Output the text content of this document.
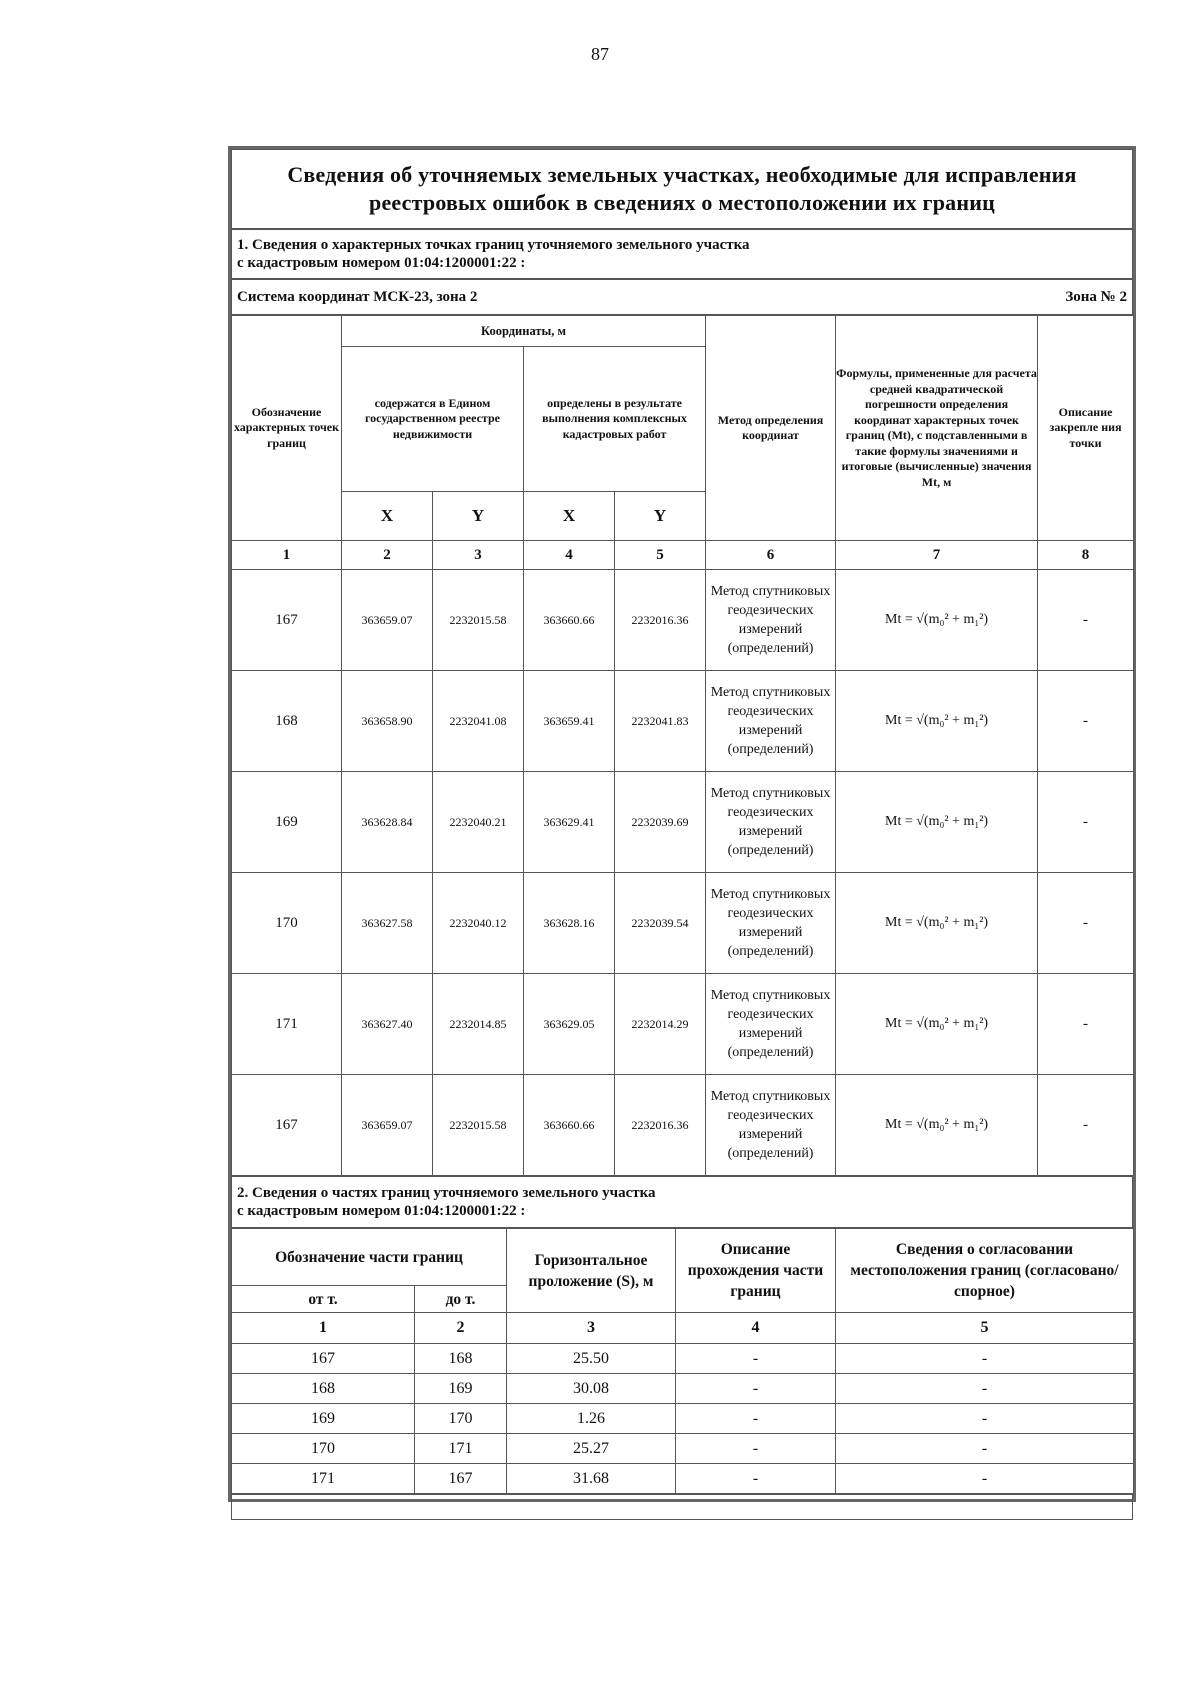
87
Сведения об уточняемых земельных участках, необходимые для исправления реестровых ошибок в сведениях о местоположении их границ
1. Сведения о характерных точках границ уточняемого земельного участка
с кадастровым номером 01:04:1200001:22 :
Система координат МСК-23, зона 2	Зона № 2
Обозначение характерных точек границ	Координаты, м				Метод определения координат	Формулы, примененные для расчета средней квадратической погрешности определения координат характерных точек границ (Mt), с подставленными в такие формулы значениями и итоговые (вычисленные) значения Mt, м	Описание закрепле ния точки
	содержатся в Едином государственном реестре недвижимости		определены в результате выполнения комплексных кадастровых работ				
	X	Y	X	Y			
1	2	3	4	5	6	7	8
167	363659.07	2232015.58	363660.66	2232016.36	Метод спутниковых геодезических измерений (определений)	Mt = √(m₀² + m₁²)	-
168	363658.90	2232041.08	363659.41	2232041.83	Метод спутниковых геодезических измерений (определений)	Mt = √(m₀² + m₁²)	-
169	363628.84	2232040.21	363629.41	2232039.69	Метод спутниковых геодезических измерений (определений)	Mt = √(m₀² + m₁²)	-
170	363627.58	2232040.12	363628.16	2232039.54	Метод спутниковых геодезических измерений (определений)	Mt = √(m₀² + m₁²)	-
171	363627.40	2232014.85	363629.05	2232014.29	Метод спутниковых геодезических измерений (определений)	Mt = √(m₀² + m₁²)	-
167	363659.07	2232015.58	363660.66	2232016.36	Метод спутниковых геодезических измерений (определений)	Mt = √(m₀² + m₁²)	-
2. Сведения о частях границ уточняемого земельного участка
с кадастровым номером 01:04:1200001:22 :
Обозначение части границ		Горизонтальное проложение (S), м	Описание прохождения части границ	Сведения о согласовании местоположения границ (согласовано/спорное)
от т.	до т.			
1	2	3	4	5
167	168	25.50	-	-
168	169	30.08	-	-
169	170	1.26	-	-
170	171	25.27	-	-
171	167	31.68	-	-
